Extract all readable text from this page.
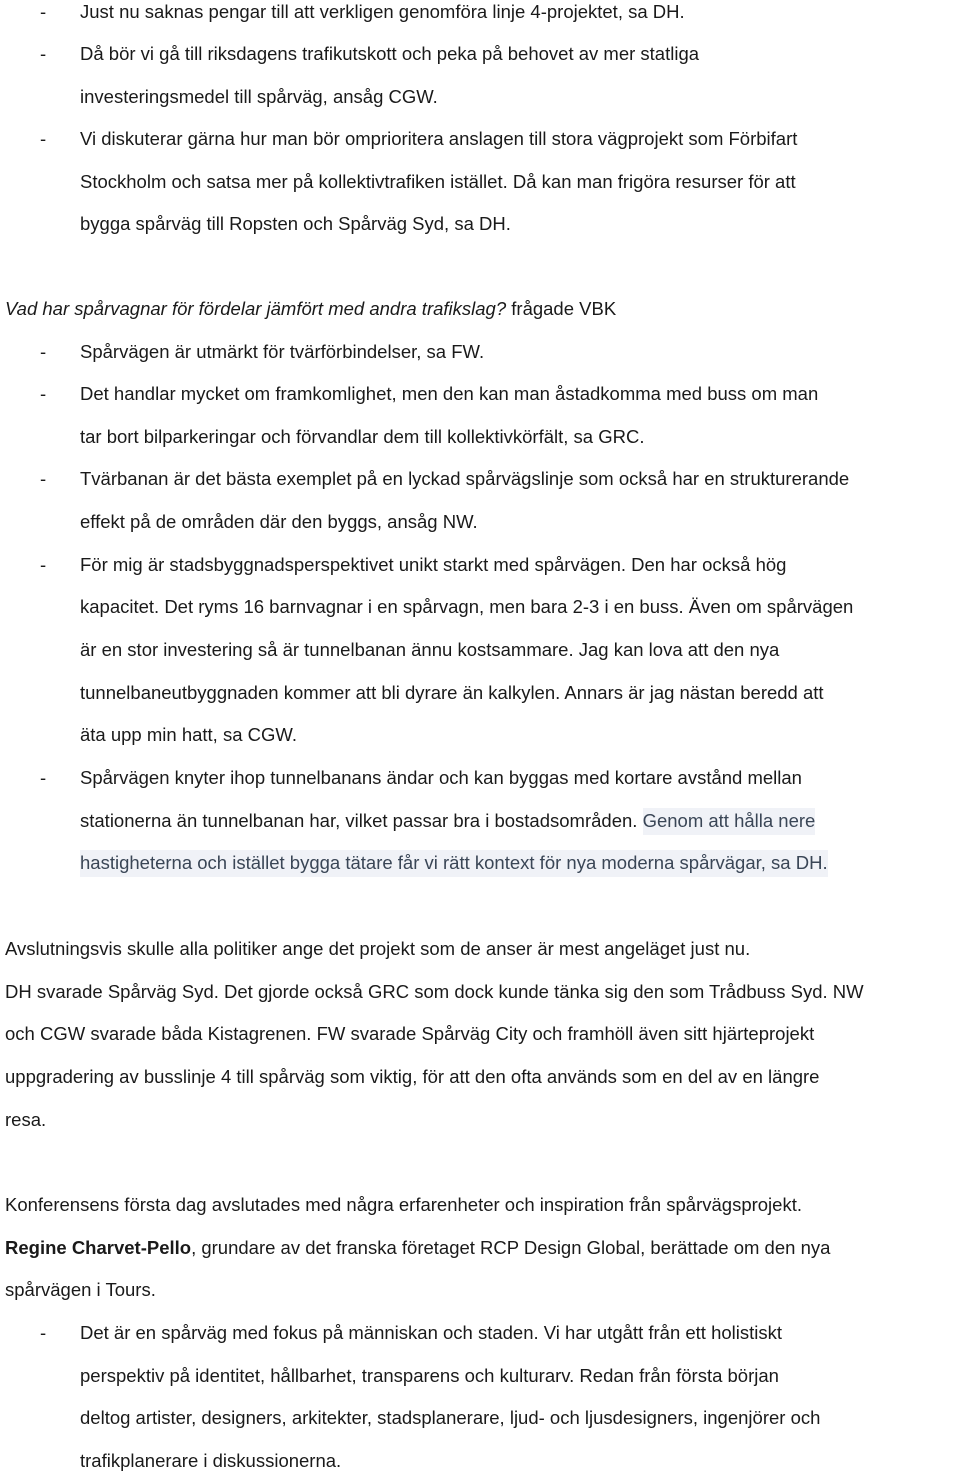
- Just nu saknas pengar till att verkligen genomföra linje 4-projektet, sa DH.
- Då bör vi gå till riksdagens trafikutskott och peka på behovet av mer statliga
investeringsmedel till spårväg, ansåg CGW.
- Vi diskuterar gärna hur man bör omprioritera anslagen till stora vägprojekt som Förbifart
Stockholm och satsa mer på kollektivtrafiken istället. Då kan man frigöra resurser för att
bygga spårväg till Ropsten och Spårväg Syd, sa DH.
Vad har spårvagnar för fördelar jämfört med andra trafikslag? frågade VBK
- Spårvägen är utmärkt för tvärförbindelser, sa FW.
- Det handlar mycket om framkomlighet, men den kan man åstadkomma med buss om man
tar bort bilparkeringar och förvandlar dem till kollektivkörfält, sa GRC.
- Tvärbanan är det bästa exemplet på en lyckad spårvägslinje som också har en strukturerande
effekt på de områden där den byggs, ansåg NW.
- För mig är stadsbyggnadsperspektivet unikt starkt med spårvägen. Den har också hög
kapacitet. Det ryms 16 barnvagnar i en spårvagn, men bara 2-3 i en buss. Även om spårvägen
är en stor investering så är tunnelbanan ännu kostsammare. Jag kan lova att den nya
tunnelbaneutbyggnaden kommer att bli dyrare än kalkylen. Annars är jag nästan beredd att
äta upp min hatt, sa CGW.
- Spårvägen knyter ihop tunnelbanans ändar och kan byggas med kortare avstånd mellan
stationerna än tunnelbanan har, vilket passar bra i bostadsområden. Genom att hålla nere
hastigheterna och istället bygga tätare får vi rätt kontext för nya moderna spårvägar, sa DH.
Avslutningsvis skulle alla politiker ange det projekt som de anser är mest angeläget just nu.
DH svarade Spårväg Syd. Det gjorde också GRC som dock kunde tänka sig den som Trådbuss Syd. NW
och CGW svarade båda Kistagrenen. FW svarade Spårväg City och framhöll även sitt hjärteprojekt
uppgradering av busslinje 4 till spårväg som viktig, för att den ofta används som en del av en längre
resa.
Konferensens första dag avslutades med några erfarenheter och inspiration från spårvägsprojekt.
Regine Charvet-Pello, grundare av det franska företaget RCP Design Global, berättade om den nya
spårvägen i Tours.
- Det är en spårväg med fokus på människan och staden. Vi har utgått från ett holistiskt
perspektiv på identitet, hållbarhet, transparens och kulturarv. Redan från första början
deltog artister, designers, arkitekter, stadsplanerare, ljud- och ljusdesigners, ingenjörer och
trafikplanerare i diskussionerna.
